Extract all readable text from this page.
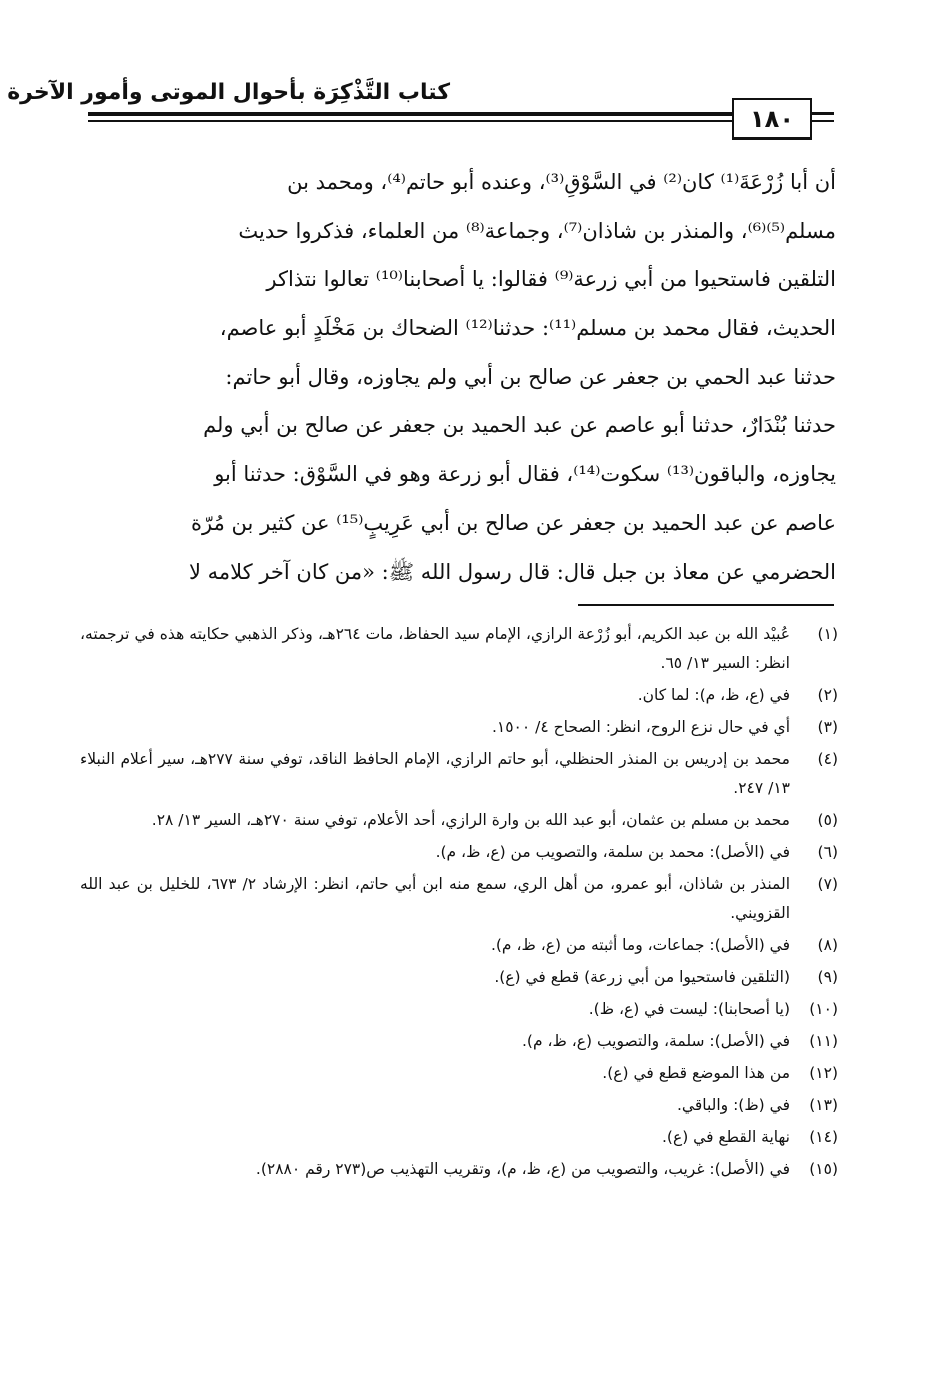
كتاب التَّذْكِرَة بأحوال الموتى وأمور الآخرة
١٨٠
أن أبا زُرْعَةَ⁽¹⁾ كان⁽²⁾ في السَّوْقِ⁽³⁾، وعنده أبو حاتم⁽⁴⁾، ومحمد بن
مسلم⁽⁵⁾⁽⁶⁾، والمنذر بن شاذان⁽⁷⁾، وجماعة⁽⁸⁾ من العلماء، فذكروا حديث
التلقين فاستحيوا من أبي زرعة⁽⁹⁾ فقالوا: يا أصحابنا⁽¹⁰⁾ تعالوا نتذاكر
الحديث، فقال محمد بن مسلم⁽¹¹⁾: حدثنا⁽¹²⁾ الضحاك بن مَخْلَدٍ أبو عاصم،
حدثنا عبد الحمي بن جعفر عن صالح بن أبي ولم يجاوزه، وقال أبو حاتم:
حدثنا بُنْدَارٌ، حدثنا أبو عاصم عن عبد الحميد بن جعفر عن صالح بن أبي ولم
يجاوزه، والباقون⁽¹³⁾ سكوت⁽¹⁴⁾، فقال أبو زرعة وهو في السَّوْق: حدثنا أبو
عاصم عن عبد الحميد بن جعفر عن صالح بن أبي عَرِيبٍ⁽¹⁵⁾ عن كثير بن مُرّة
الحضرمي عن معاذ بن جبل قال: قال رسول الله ﷺ: «من كان آخر كلامه لا
(١)
عُبيْد الله بن عبد الكريم، أبو زُرْعة الرازي، الإمام سيد الحفاظ، مات ٢٦٤هـ، وذكر الذهبي حكايته هذه في ترجمته، انظر: السير ١٣/ ٦٥.
(٢)
في (ع، ظ، م): لما كان.
(٣)
أي في حال نزع الروح، انظر: الصحاح ٤/ ١٥٠٠.
(٤)
محمد بن إدريس بن المنذر الحنظلي، أبو حاتم الرازي، الإمام الحافظ الناقد، توفي سنة ٢٧٧هـ، سير أعلام النبلاء ١٣/ ٢٤٧.
(٥)
محمد بن مسلم بن عثمان، أبو عبد الله بن وارة الرازي، أحد الأعلام، توفي سنة ٢٧٠هـ، السير ١٣/ ٢٨.
(٦)
في (الأصل): محمد بن سلمة، والتصويب من (ع، ظ، م).
(٧)
المنذر بن شاذان، أبو عمرو، من أهل الري، سمع منه ابن أبي حاتم، انظر: الإرشاد ٢/ ٦٧٣، للخليل بن عبد الله القزويني.
(٨)
في (الأصل): جماعات، وما أثبته من (ع، ظ، م).
(٩)
(التلقين فاستحيوا من أبي زرعة) قطع في (ع).
(١٠)
(يا أصحابنا): ليست في (ع، ظ).
(١١)
في (الأصل): سلمة، والتصويب (ع، ظ، م).
(١٢)
من هذا الموضع قطع في (ع).
(١٣)
في (ظ): والباقي.
(١٤)
نهاية القطع في (ع).
(١٥)
في (الأصل): غريب، والتصويب من (ع، ظ، م)، وتقريب التهذيب ص(٢٧٣ رقم ٢٨٨٠).
